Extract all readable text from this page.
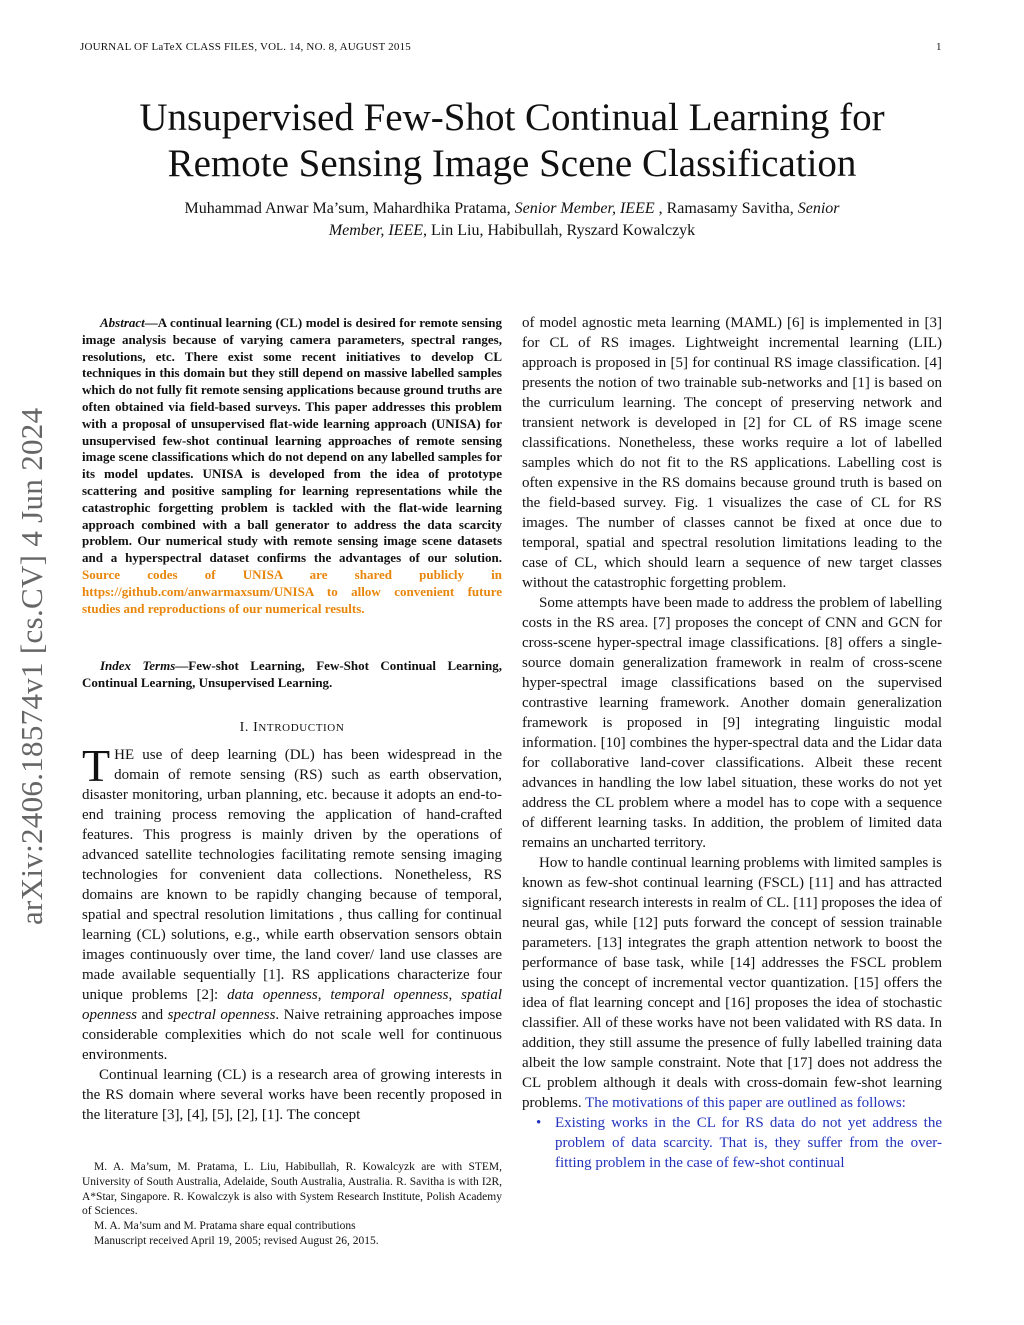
JOURNAL OF LaTeX CLASS FILES, VOL. 14, NO. 8, AUGUST 2015	1
Unsupervised Few-Shot Continual Learning for
Remote Sensing Image Scene Classification
Muhammad Anwar Ma’sum, Mahardhika Pratama, Senior Member, IEEE , Ramasamy Savitha, Senior
Member, IEEE, Lin Liu, Habibullah, Ryszard Kowalczyk
arXiv:2406.18574v1 [cs.CV] 4 Jun 2024
Abstract—A continual learning (CL) model is desired for remote sensing image analysis because of varying camera parameters, spectral ranges, resolutions, etc. There exist some recent initiatives to develop CL techniques in this domain but they still depend on massive labelled samples which do not fully fit remote sensing applications because ground truths are often obtained via field-based surveys. This paper addresses this problem with a proposal of unsupervised flat-wide learning approach (UNISA) for unsupervised few-shot continual learning approaches of remote sensing image scene classifications which do not depend on any labelled samples for its model updates. UNISA is developed from the idea of prototype scattering and positive sampling for learning representations while the catastrophic forgetting problem is tackled with the flat-wide learning approach combined with a ball generator to address the data scarcity problem. Our numerical study with remote sensing image scene datasets and a hyperspectral dataset confirms the advantages of our solution. Source codes of UNISA are shared publicly in https://github.com/anwarmaxsum/UNISA to allow convenient future studies and reproductions of our numerical results.
Index Terms—Few-shot Learning, Few-Shot Continual Learning, Continual Learning, Unsupervised Learning.
I. INTRODUCTION

THE use of deep learning (DL) has been widespread in the domain of remote sensing (RS) such as earth observation, disaster monitoring, urban planning, etc. because it adopts an end-to-end training process removing the application of hand-crafted features. This progress is mainly driven by the operations of advanced satellite technologies facilitating remote sensing imaging technologies for convenient data collections. Nonetheless, RS domains are known to be rapidly changing because of temporal, spatial and spectral resolution limitations , thus calling for continual learning (CL) solutions, e.g., while earth observation sensors obtain images continuously over time, the land cover/ land use classes are made available sequentially [1]. RS applications characterize four unique problems [2]: data openness, temporal openness, spatial openness and spectral openness. Naive retraining approaches impose considerable complexities which do not scale well for continuous environments.

Continual learning (CL) is a research area of growing interests in the RS domain where several works have been recently proposed in the literature [3], [4], [5], [2], [1]. The concept

M. A. Ma’sum, M. Pratama, L. Liu, Habibullah, R. Kowalcyzk are with STEM, University of South Australia, Adelaide, South Australia, Australia. R. Savitha is with I2R, A*Star, Singapore. R. Kowalczyk is also with System Research Institute, Polish Academy of Sciences.

M. A. Ma’sum and M. Pratama share equal contributions

Manuscript received April 19, 2005; revised August 26, 2015.

of model agnostic meta learning (MAML) [6] is implemented in [3] for CL of RS images. Lightweight incremental learning (LIL) approach is proposed in [5] for continual RS image classification. [4] presents the notion of two trainable sub-networks and [1] is based on the curriculum learning. The concept of preserving network and transient network is developed in [2] for CL of RS image scene classifications. Nonetheless, these works require a lot of labelled samples which do not fit to the RS applications. Labelling cost is often expensive in the RS domains because ground truth is based on the field-based survey. Fig. 1 visualizes the case of CL for RS images. The number of classes cannot be fixed at once due to temporal, spatial and spectral resolution limitations leading to the case of CL, which should learn a sequence of new target classes without the catastrophic forgetting problem.

Some attempts have been made to address the problem of labelling costs in the RS area. [7] proposes the concept of CNN and GCN for cross-scene hyper-spectral image classifications. [8] offers a single-source domain generalization framework in realm of cross-scene hyper-spectral image classifications based on the supervised contrastive learning framework. Another domain generalization framework is proposed in [9] integrating linguistic modal information. [10] combines the hyper-spectral data and the Lidar data for collaborative land-cover classifications. Albeit these recent advances in handling the low label situation, these works do not yet address the CL problem where a model has to cope with a sequence of different learning tasks. In addition, the problem of limited data remains an uncharted territory.

How to handle continual learning problems with limited samples is known as few-shot continual learning (FSCL) [11] and has attracted significant research interests in realm of CL. [11] proposes the idea of neural gas, while [12] puts forward the concept of session trainable parameters. [13] integrates the graph attention network to boost the performance of base task, while [14] addresses the FSCL problem using the concept of incremental vector quantization. [15] offers the idea of flat learning concept and [16] proposes the idea of stochastic classifier. All of these works have not been validated with RS data. In addition, they still assume the presence of fully labelled training data albeit the low sample constraint. Note that [17] does not address the CL problem although it deals with cross-domain few-shot learning problems. The motivations of this paper are outlined as follows:

• Existing works in the CL for RS data do not yet address the problem of data scarcity. That is, they suffer from the over-fitting problem in the case of few-shot continual
